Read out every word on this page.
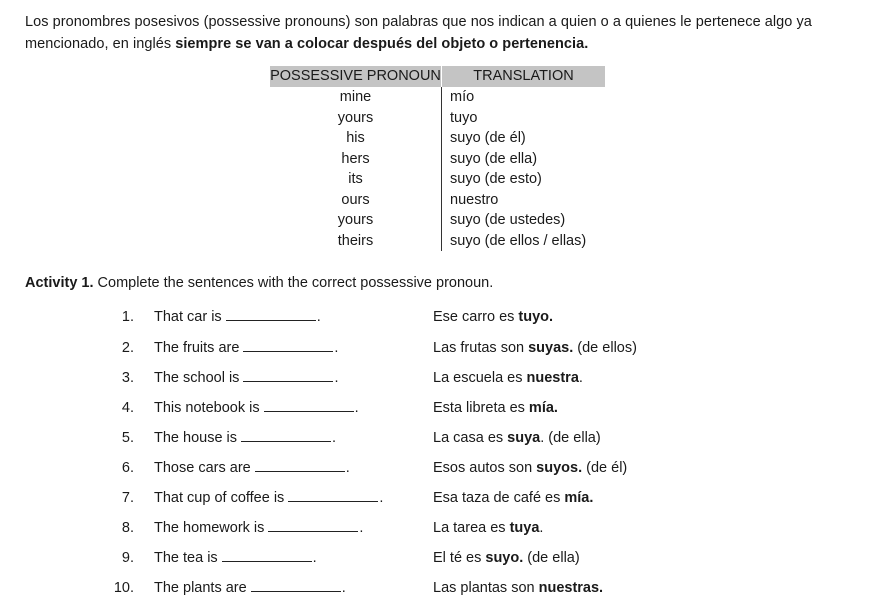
Los pronombres posesivos (possessive pronouns) son palabras que nos indican a quien o a quienes le pertenece algo ya mencionado, en inglés siempre se van a colocar después del objeto o pertenencia.

POSSESSIVE PRONOUN	TRANSLATION
mine	mío
yours	tuyo
his	suyo (de él)
hers	suyo (de ella)
its	suyo (de esto)
ours	nuestro
yours	suyo (de ustedes)
theirs	suyo (de ellos / ellas)
Activity 1. Complete the sentences with the correct possessive pronoun.
1. That car is	.	Ese carro es tuyo.
2. The fruits are	.	Las frutas son suyas. (de ellos)
3. The school is	.	La escuela es nuestra.
4. This notebook is	.	Esta libreta es mía.
5. The house is	.	La casa es suya. (de ella)
6. Those cars are	.	Esos autos son suyos. (de él)
7. That cup of coffee is	.	Esa taza de café es mía.
8. The homework is	.	La tarea es tuya.
9. The tea is	.	El té es suyo. (de ella)
10. The plants are	.	Las plantas son nuestras.
